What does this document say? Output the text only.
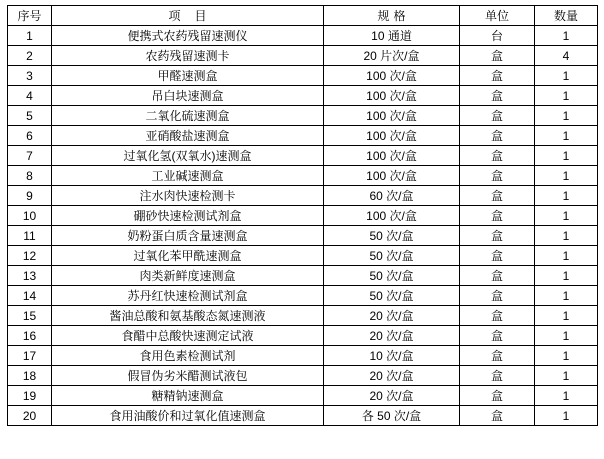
序号	项目	规格	单位	数量
1	便携式农药残留速测仪	10 通道	台	1
2	农药残留速测卡	20 片次/盒	盒	4
3	甲醛速测盒	100 次/盒	盒	1
4	吊白块速测盒	100 次/盒	盒	1
5	二氧化硫速测盒	100 次/盒	盒	1
6	亚硝酸盐速测盒	100 次/盒	盒	1
7	过氧化氢(双氧水)速测盒	100 次/盒	盒	1
8	工业碱速测盒	100 次/盒	盒	1
9	注水肉快速检测卡	60 次/盒	盒	1
10	硼砂快速检测试剂盒	100 次/盒	盒	1
11	奶粉蛋白质含量速测盒	50 次/盒	盒	1
12	过氧化苯甲酰速测盒	50 次/盒	盒	1
13	肉类新鲜度速测盒	50 次/盒	盒	1
14	苏丹红快速检测试剂盒	50 次/盒	盒	1
15	酱油总酸和氨基酸态氮速测液	20 次/盒	盒	1
16	食醋中总酸快速测定试液	20 次/盒	盒	1
17	食用色素检测试剂	10 次/盒	盒	1
18	假冒伪劣米醋测试液包	20 次/盒	盒	1
19	糖精钠速测盒	20 次/盒	盒	1
20	食用油酸价和过氧化值速测盒	各 50 次/盒	盒	1
